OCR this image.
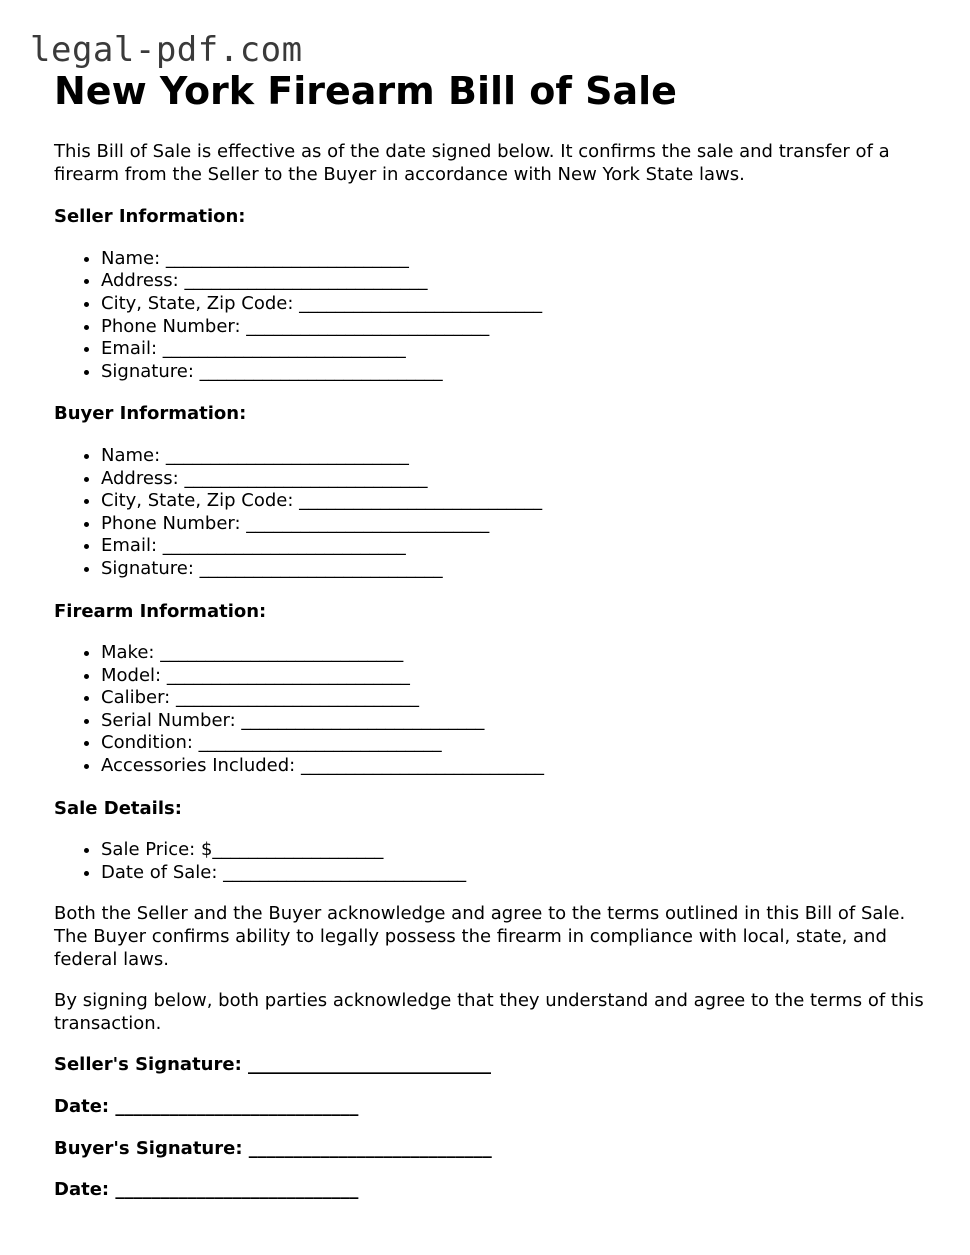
legal-pdf.com
New York Firearm Bill of Sale

This Bill of Sale is effective as of the date signed below. It confirms the sale and transfer of a firearm from the Seller to the Buyer in accordance with New York State laws.

Seller Information:
• Name: ___________________________
• Address: ___________________________
• City, State, Zip Code: ___________________________
• Phone Number: ___________________________
• Email: ___________________________
• Signature: ___________________________
Buyer Information:
• Name: ___________________________
• Address: ___________________________
• City, State, Zip Code: ___________________________
• Phone Number: ___________________________
• Email: ___________________________
• Signature: ___________________________
Firearm Information:
• Make: ___________________________
• Model: ___________________________
• Caliber: ___________________________
• Serial Number: ___________________________
• Condition: ___________________________
• Accessories Included: ___________________________
Sale Details:
• Sale Price: $___________________
• Date of Sale: ___________________________

Both the Seller and the Buyer acknowledge and agree to the terms outlined in this Bill of Sale. The Buyer confirms ability to legally possess the firearm in compliance with local, state, and federal laws.

By signing below, both parties acknowledge that they understand and agree to the terms of this transaction.

Seller's Signature: ___________________________
Date: ___________________________
Buyer's Signature: ___________________________
Date: ___________________________
